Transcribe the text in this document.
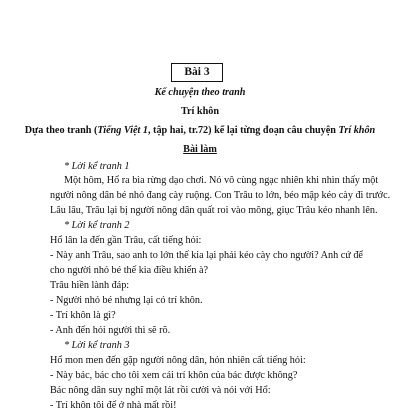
Bài 3
Kể chuyện theo tranh
Trí khôn
Dựa theo tranh (Tiếng Việt 1, tập hai, tr.72) kể lại từng đoạn câu chuyện Trí khôn
Bài làm
* Lời kể tranh 1
Một hôm, Hổ ra bìa rừng dạo chơi. Nó vô cùng ngạc nhiên khi nhìn thấy một
người nông dân bé nhỏ đang cày ruộng. Con Trâu to lớn, béo mập kéo cày đi trước.
Lâu lâu, Trâu lại bị người nông dân quất roi vào mông, giục Trâu kéo nhanh lên.
* Lời kể tranh 2
Hổ lân la đến gần Trâu, cất tiếng hỏi:
- Này anh Trâu, sao anh to lớn thế kia lại phải kéo cày cho người? Anh cứ để
cho người nhỏ bé thế kia điều khiển à?
Trâu hiền lành đáp:
- Người nhỏ bé nhưng lại có trí khôn.
- Trí khôn là gì?
- Anh đến hỏi người thì sẽ rõ.
* Lời kể tranh 3
Hổ mon men đến gặp người nông dân, hỏn nhiên cất tiếng hỏi:
- Này bác, bác cho tôi xem cái trí khôn của bác được không?
Bác nông dân suy nghĩ một lát rồi cười và nói với Hổ:
- Trí khôn tôi để ở nhà mất rồi!
